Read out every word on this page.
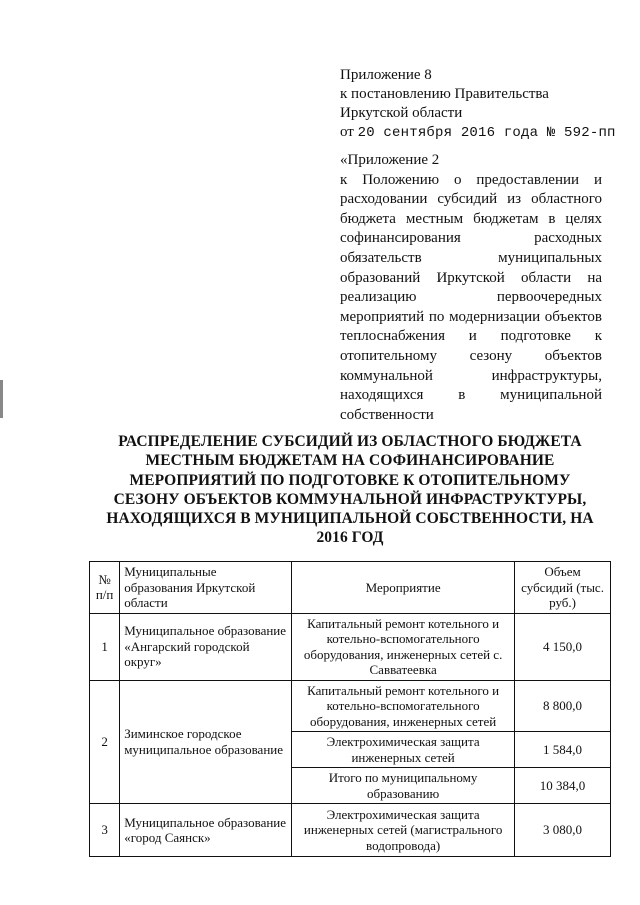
Приложение 8
к постановлению Правительства
Иркутской области
от 20 сентября 2016 года № 592-пп
«Приложение 2
к Положению о предоставлении и расходовании субсидий из областного бюджета местным бюджетам в целях софинансирования расходных обязательств муниципальных образований Иркутской области на реализацию первоочередных мероприятий по модернизации объектов теплоснабжения и подготовке к отопительному сезону объектов коммунальной инфраструктуры, находящихся в муниципальной собственности
РАСПРЕДЕЛЕНИЕ СУБСИДИЙ ИЗ ОБЛАСТНОГО БЮДЖЕТА МЕСТНЫМ БЮДЖЕТАМ НА СОФИНАНСИРОВАНИЕ МЕРОПРИЯТИЙ ПО ПОДГОТОВКЕ К ОТОПИТЕЛЬНОМУ СЕЗОНУ ОБЪЕКТОВ КОММУНАЛЬНОЙ ИНФРАСТРУКТУРЫ, НАХОДЯЩИХСЯ В МУНИЦИПАЛЬНОЙ СОБСТВЕННОСТИ, НА 2016 ГОД
№ п/п	Муниципальные образования Иркутской области	Мероприятие	Объем субсидий (тыс. руб.)
1	Муниципальное образование «Ангарский городской округ»	Капитальный ремонт котельного и котельно-вспомогательного оборудования, инженерных сетей с. Савватеевка	4 150,0
2	Зиминское городское муниципальное образование	Капитальный ремонт котельного и котельно-вспомогательного оборудования, инженерных сетей	8 800,0
		Электрохимическая защита инженерных сетей	1 584,0
		Итого по муниципальному образованию	10 384,0
3	Муниципальное образование «город Саянск»	Электрохимическая защита инженерных сетей (магистрального водопровода)	3 080,0
